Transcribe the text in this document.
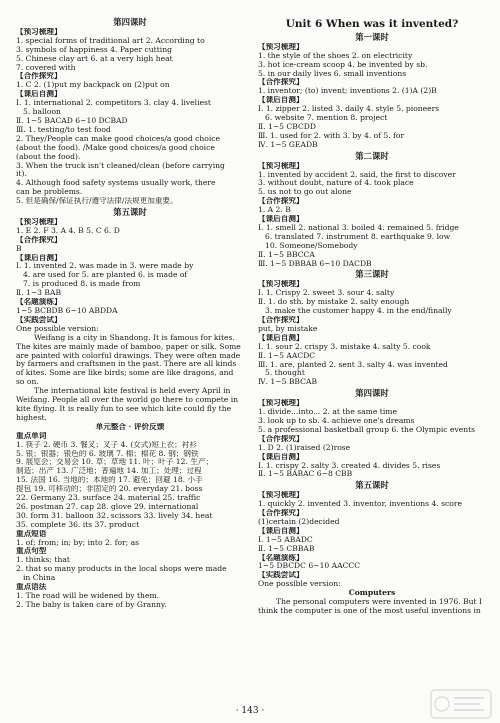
第四课时
【预习梳理】
1. special forms of traditional art 2. According to
3. symbols of happiness 4. Paper cutting
5. Chinese clay art 6. at a very high heat
7. covered with
【合作探究】
1. C 2. (1)put my backpack on (2)put on
【课后自测】
Ⅰ. 1. international 2. competitors 3. clay 4. liveliest
5. balloon
Ⅱ. 1~5 BACAD 6~10 DCBAD
Ⅲ. 1. testing/to test food
2. They/People can make good choices/a good choice
(about the food). /Make good choices/a good choice
(about the food).
3. When the truck isn't cleaned/clean (before carrying
it).
4. Although food safety systems usually work, there
can be problems.
5. 但是确保/保证执行/遵守法律/法规更加重要。
第五课时
【预习梳理】
1. E 2. F 3. A 4. B 5. C 6. D
【合作探究】
B
【课后自测】
Ⅰ. 1. invented 2. was made in 3. were made by
4. are used for 5. are planted 6. is made of
7. is produced 8. is made from
Ⅱ. 1~3 BAB
【名题演练】
1~5 BCBDB 6~10 ABDDA
【实践尝试】
One possible version:
Weifang is a city in Shandong. It is famous for kites. The kites are mainly made of bamboo, paper or silk. Some are painted with colorful drawings. They were often made by farmers and craftsmen in the past. There are all kinds of kites. Some are like birds; some are like dragons, and so on.
The international kite festival is held every April in Weifang. People all over the world go there to compete in kite flying. It is really fun to see which kite could fly the highest.
单元整合 · 评价反馈
重点单词
1. 筷子 2. 硬币 3. 餐叉；叉子 4. (女式)短上衣；衬衫
5. 银；银器；银色的 6. 玻璃 7. 棉；棉花 8. 钢；钢铁
9. 展览会；交易会 10. 草；草地 11. 叶；叶子 12. 生产；
制造；出产 13. 广泛地；普遍地 14. 加工；处理；过程
15. 法国 16. 当地的；本地的 17. 避免；回避 18. 小手
提包 19. 可移动的；非固定的 20. everyday 21. boss
22. Germany 23. surface 24. material 25. traffic
26. postman 27. cap 28. glove 29. international
30. form 31. balloon 32. scissors 33. lively 34. heat
35. complete 36. its 37. product
重点短语
1. of; from; in; by; into 2. for; as
重点句型
1. thinks; that
2. that so many products in the local shops were made
in China
重点语法
1. The road will be widened by them.
2. The baby is taken care of by Granny.
Unit 6 When was it invented?
第一课时
【预习梳理】
1. the style of the shoes 2. on electricity
3. hot ice-cream scoop 4. be invented by sb.
5. in our daily lives 6. small inventions
【合作探究】
1. inventor; (to) invent; inventions 2. (1)A (2)B
【课后自测】
Ⅰ. 1. zipper 2. listed 3. daily 4. style 5. pioneers
6. website 7. mention 8. project
Ⅱ. 1~5 CBCDD
Ⅲ. 1. used for 2. with 3. by 4. of 5. for
Ⅳ. 1~5 GEADB
第二课时
【预习梳理】
1. invented by accident 2. said, the first to discover
3. without doubt, nature of 4. took place
5. us not to go out alone
【合作探究】
1. A 2. B
【课后自测】
Ⅰ. 1. smell 2. national 3. boiled 4. remained 5. fridge
6. translated 7. instrument 8. earthquake 9. low
10. Someone/Somebody
Ⅱ. 1~5 BBCCA
Ⅲ. 1~5 DBBAB 6~10 DACDB
第三课时
【预习梳理】
Ⅰ. 1. Crispy 2. sweet 3. sour 4. salty
Ⅱ. 1. do sth. by mistake 2. salty enough
3. make the customer happy 4. in the end/finally
【合作探究】
put, by mistake
【课后自测】
Ⅰ. 1. sour 2. crispy 3. mistake 4. salty 5. cook
Ⅱ. 1~5 AACDC
Ⅲ. 1. are, planted 2. sent 3. salty 4. was invented
5. thought
Ⅳ. 1~5 BBCAB
第四课时
【预习梳理】
1. divide...into... 2. at the same time
3. look up to sb. 4. achieve one's dreams
5. a professional basketball group 6. the Olympic events
【合作探究】
1. D 2. (1)raised (2)rose
【课后自测】
Ⅰ. 1. crispy 2. salty 3. created 4. divides 5. rises
Ⅱ. 1~5 BABAC 6~8 CBB
第五课时
【预习梳理】
1. quickly 2. invented 3. inventor, inventions 4. score
【合作探究】
(1)certain (2)decided
【课后自测】
Ⅰ. 1~5 ABADC
Ⅱ. 1~5 CBBAB
【名题演练】
1~5 DBCDC 6~10 AACCC
【实践尝试】
One possible version:
Computers
The personal computers were invented in 1976. But I think the computer is one of the most useful inventions in
· 143 ·
